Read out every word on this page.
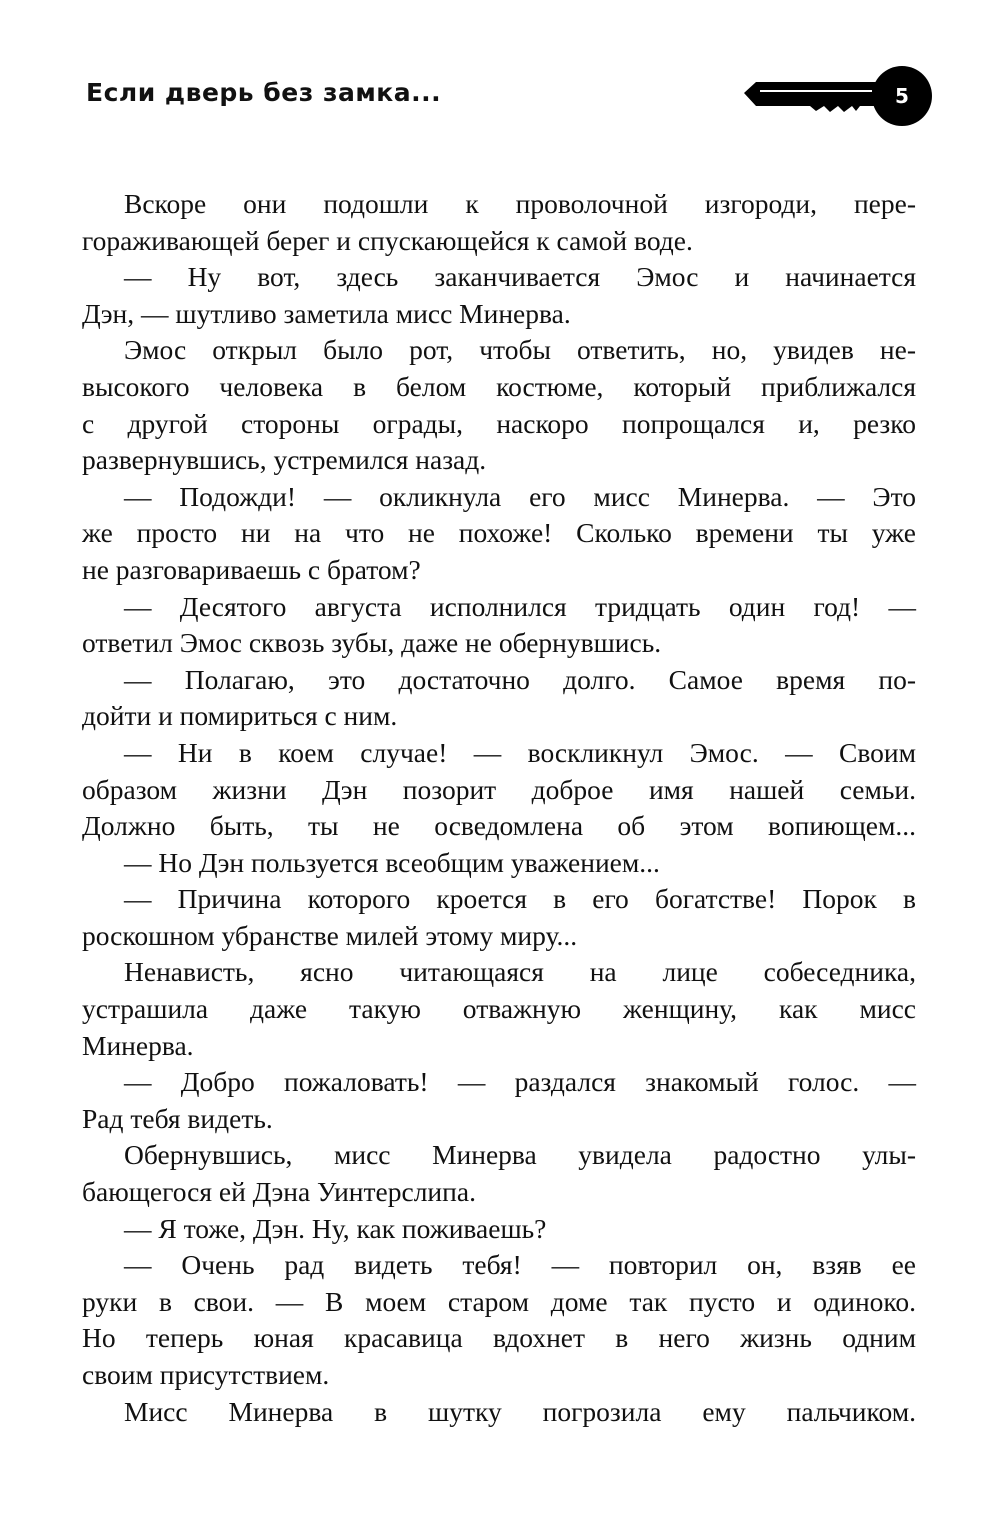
Если дверь без замка...	5
Вскоре они подошли к проволочной изгороди, пере-
гораживающей берег и спускающейся к самой воде.
— Ну вот, здесь заканчивается Эмос и начинается
Дэн, — шутливо заметила мисс Минерва.
Эмос открыл было рот, чтобы ответить, но, увидев не-
высокого человека в белом костюме, который приближался
с другой стороны ограды, наскоро попрощался и, резко
развернувшись, устремился назад.
— Подожди! — окликнула его мисс Минерва. — Это
же просто ни на что не похоже! Сколько времени ты уже
не разговариваешь с братом?
— Десятого августа исполнился тридцать один год! —
ответил Эмос сквозь зубы, даже не обернувшись.
— Полагаю, это достаточно долго. Самое время по-
дойти и помириться с ним.
— Ни в коем случае! — воскликнул Эмос. — Своим
образом жизни Дэн позорит доброе имя нашей семьи.
Должно быть, ты не осведомлена об этом вопиющем...
— Но Дэн пользуется всеобщим уважением...
— Причина которого кроется в его богатстве! Порок в
роскошном убранстве милей этому миру...
Ненависть, ясно читающаяся на лице собеседника,
устрашила даже такую отважную женщину, как мисс
Минерва.
— Добро пожаловать! — раздался знакомый голос. —
Рад тебя видеть.
Обернувшись, мисс Минерва увидела радостно улы-
бающегося ей Дэна Уинтерслипа.
— Я тоже, Дэн. Ну, как поживаешь?
— Очень рад видеть тебя! — повторил он, взяв ее
руки в свои. — В моем старом доме так пусто и одиноко.
Но теперь юная красавица вдохнет в него жизнь одним
своим присутствием.
Мисс Минерва в шутку погрозила ему пальчиком.
